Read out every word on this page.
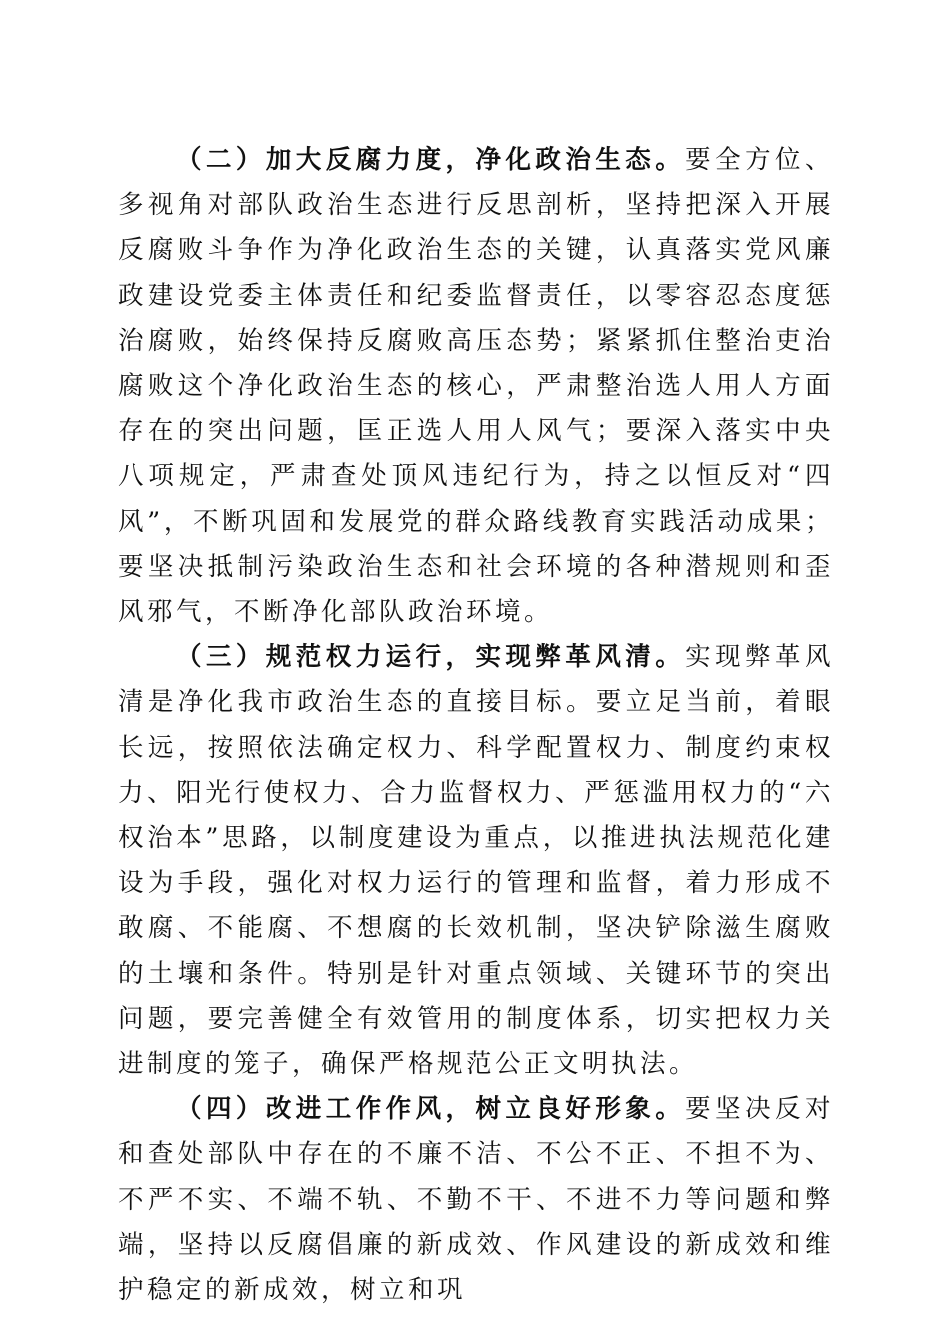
（二）加大反腐力度，净化政治生态。要全方位、多视角对部队政治生态进行反思剖析，坚持把深入开展反腐败斗争作为净化政治生态的关键，认真落实党风廉政建设党委主体责任和纪委监督责任，以零容忍态度惩治腐败，始终保持反腐败高压态势；紧紧抓住整治吏治腐败这个净化政治生态的核心，严肃整治选人用人方面存在的突出问题，匡正选人用人风气；要深入落实中央八项规定，严肃查处顶风违纪行为，持之以恒反对“四风”，不断巩固和发展党的群众路线教育实践活动成果；要坚决抵制污染政治生态和社会环境的各种潜规则和歪风邪气，不断净化部队政治环境。

（三）规范权力运行，实现弊革风清。实现弊革风清是净化我市政治生态的直接目标。要立足当前，着眼长远，按照依法确定权力、科学配置权力、制度约束权力、阳光行使权力、合力监督权力、严惩滥用权力的“六权治本”思路，以制度建设为重点，以推进执法规范化建设为手段，强化对权力运行的管理和监督，着力形成不敢腐、不能腐、不想腐的长效机制，坚决铲除滋生腐败的土壤和条件。特别是针对重点领域、关键环节的突出问题，要完善健全有效管用的制度体系，切实把权力关进制度的笼子，确保严格规范公正文明执法。

（四）改进工作作风，树立良好形象。要坚决反对和查处部队中存在的不廉不洁、不公不正、不担不为、不严不实、不端不轨、不勤不干、不进不力等问题和弊端，坚持以反腐倡廉的新成效、作风建设的新成效和维护稳定的新成效，树立和巩
